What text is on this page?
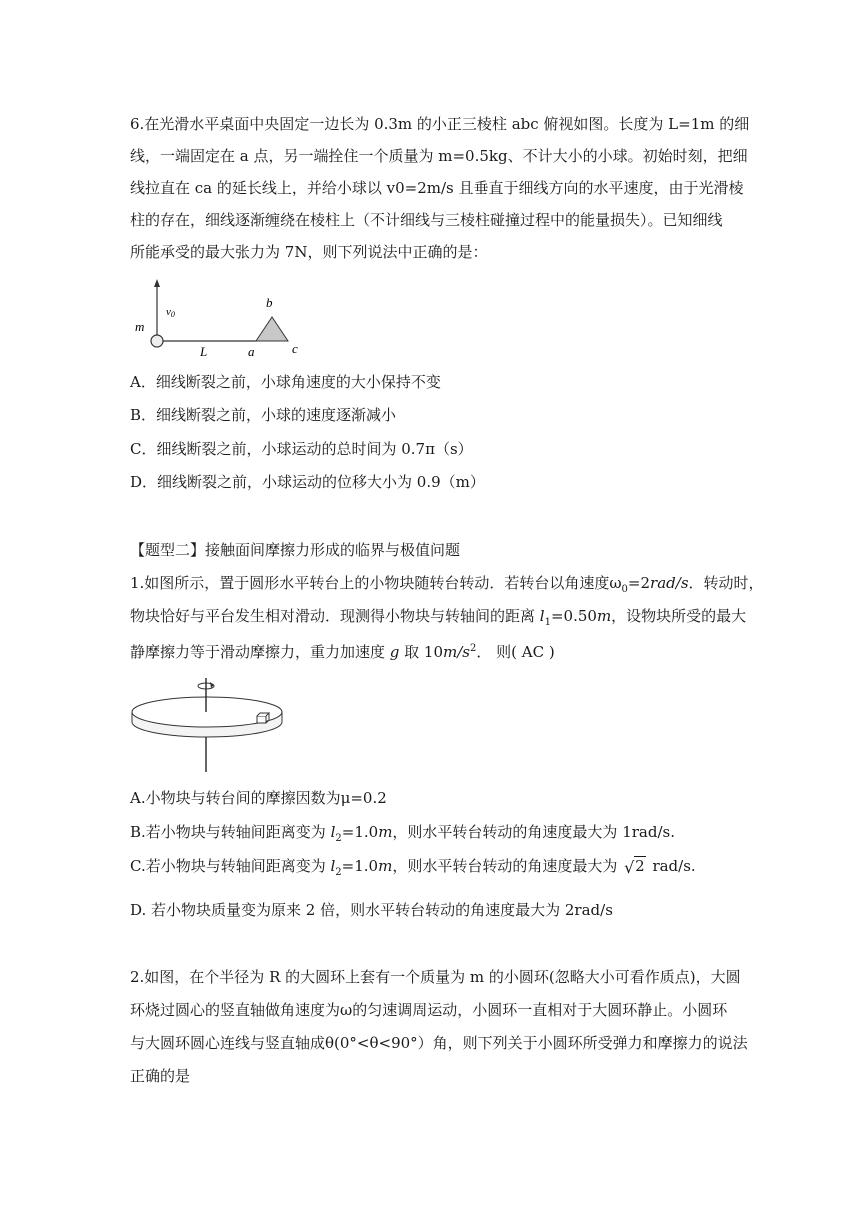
6.在光滑水平桌面中央固定一边长为 0.3m 的小正三棱柱 abc 俯视如图。长度为 L=1m 的细
线，一端固定在 a 点，另一端拴住一个质量为 m=0.5kg、不计大小的小球。初始时刻，把细
线拉直在 ca 的延长线上，并给小球以 v0=2m/s 且垂直于细线方向的水平速度，由于光滑棱
柱的存在，细线逐渐缠绕在棱柱上（不计细线与三棱柱碰撞过程中的能量损失）。已知细线
所能承受的最大张力为 7N，则下列说法中正确的是：
v0
m
L	a
b
c
A．细线断裂之前，小球角速度的大小保持不变
B．细线断裂之前，小球的速度逐渐减小
C．细线断裂之前，小球运动的总时间为 0.7π（s）
D．细线断裂之前，小球运动的位移大小为 0.9（m）
【题型二】接触面间摩擦力形成的临界与极值问题
1.如图所示，置于圆形水平转台上的小物块随转台转动．若转台以角速度$\omega_0=2rad/s$．转动时，
物块恰好与平台发生相对滑动．现测得小物块与转轴间的距离 $l_1=0.50m$，设物块所受的最大
静摩擦力等于滑动摩擦力，重力加速度 g 取 $10m/s^2$． 则( AC )
A.小物块与转台间的摩擦因数为μ=0.2
B.若小物块与转轴间距离变为 $l_2=1.0m$，则水平转台转动的角速度最大为 1rad/s.
C.若小物块与转轴间距离变为 $l_2=1.0m$，则水平转台转动的角速度最大为 √ 2 rad/s.
D. 若小物块质量变为原来 2 倍，则水平转台转动的角速度最大为 2rad/s
2.如图，在个半径为 R 的大圆环上套有一个质量为 m 的小圆环(忽略大小可看作质点)，大圆
环烧过圆心的竖直轴做角速度为ω的匀速调周运动，小圆环一直相对于大圆环静止。小圆环
与大圆环圆心连线与竖直轴成θ(0°<θ<90°）角，则下列关于小圆环所受弹力和摩擦力的说法
正确的是
